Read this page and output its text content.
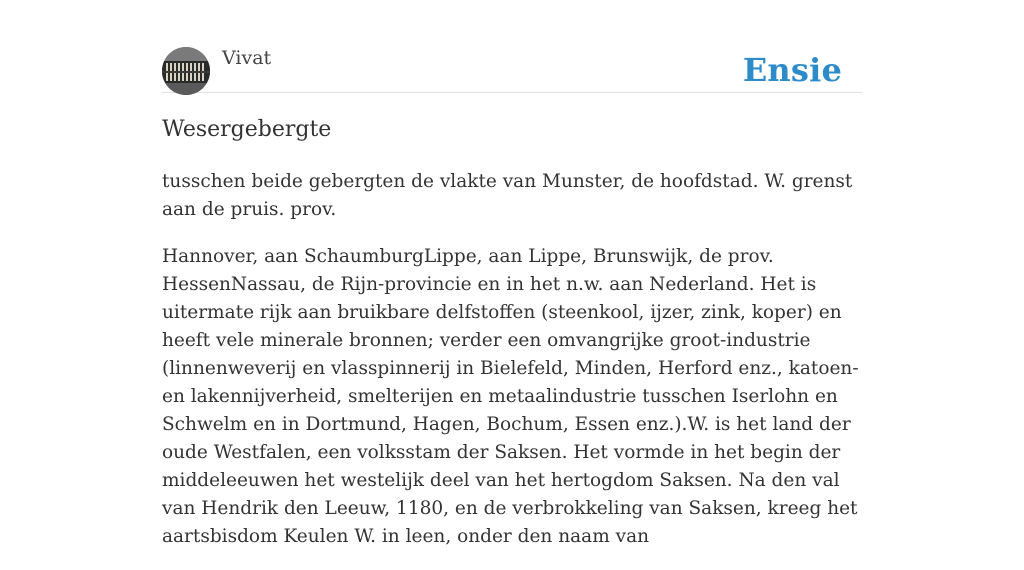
Vivat	Ensie
Wesergebergte

tusschen beide gebergten de vlakte van Munster, de hoofdstad. W. grenst aan de pruis. prov.

Hannover, aan SchaumburgLippe, aan Lippe, Brunswijk, de prov. HessenNassau, de Rijn-provincie en in het n.w. aan Nederland. Het is uitermate rijk aan bruikbare delfstoffen (steenkool, ijzer, zink, koper) en heeft vele minerale bronnen; verder een omvangrijke groot-industrie (linnenweverij en vlasspinnerij in Bielefeld, Minden, Herford enz., katoen- en lakennijverheid, smelterijen en metaalindustrie tusschen Iserlohn en Schwelm en in Dortmund, Hagen, Bochum, Essen enz.).W. is het land der oude Westfalen, een volksstam der Saksen. Het vormde in het begin der middeleeuwen het westelijk deel van het hertogdom Saksen. Na den val van Hendrik den Leeuw, 1180, en de verbrokkeling van Saksen, kreeg het aartsbisdom Keulen W. in leen, onder den naam van
